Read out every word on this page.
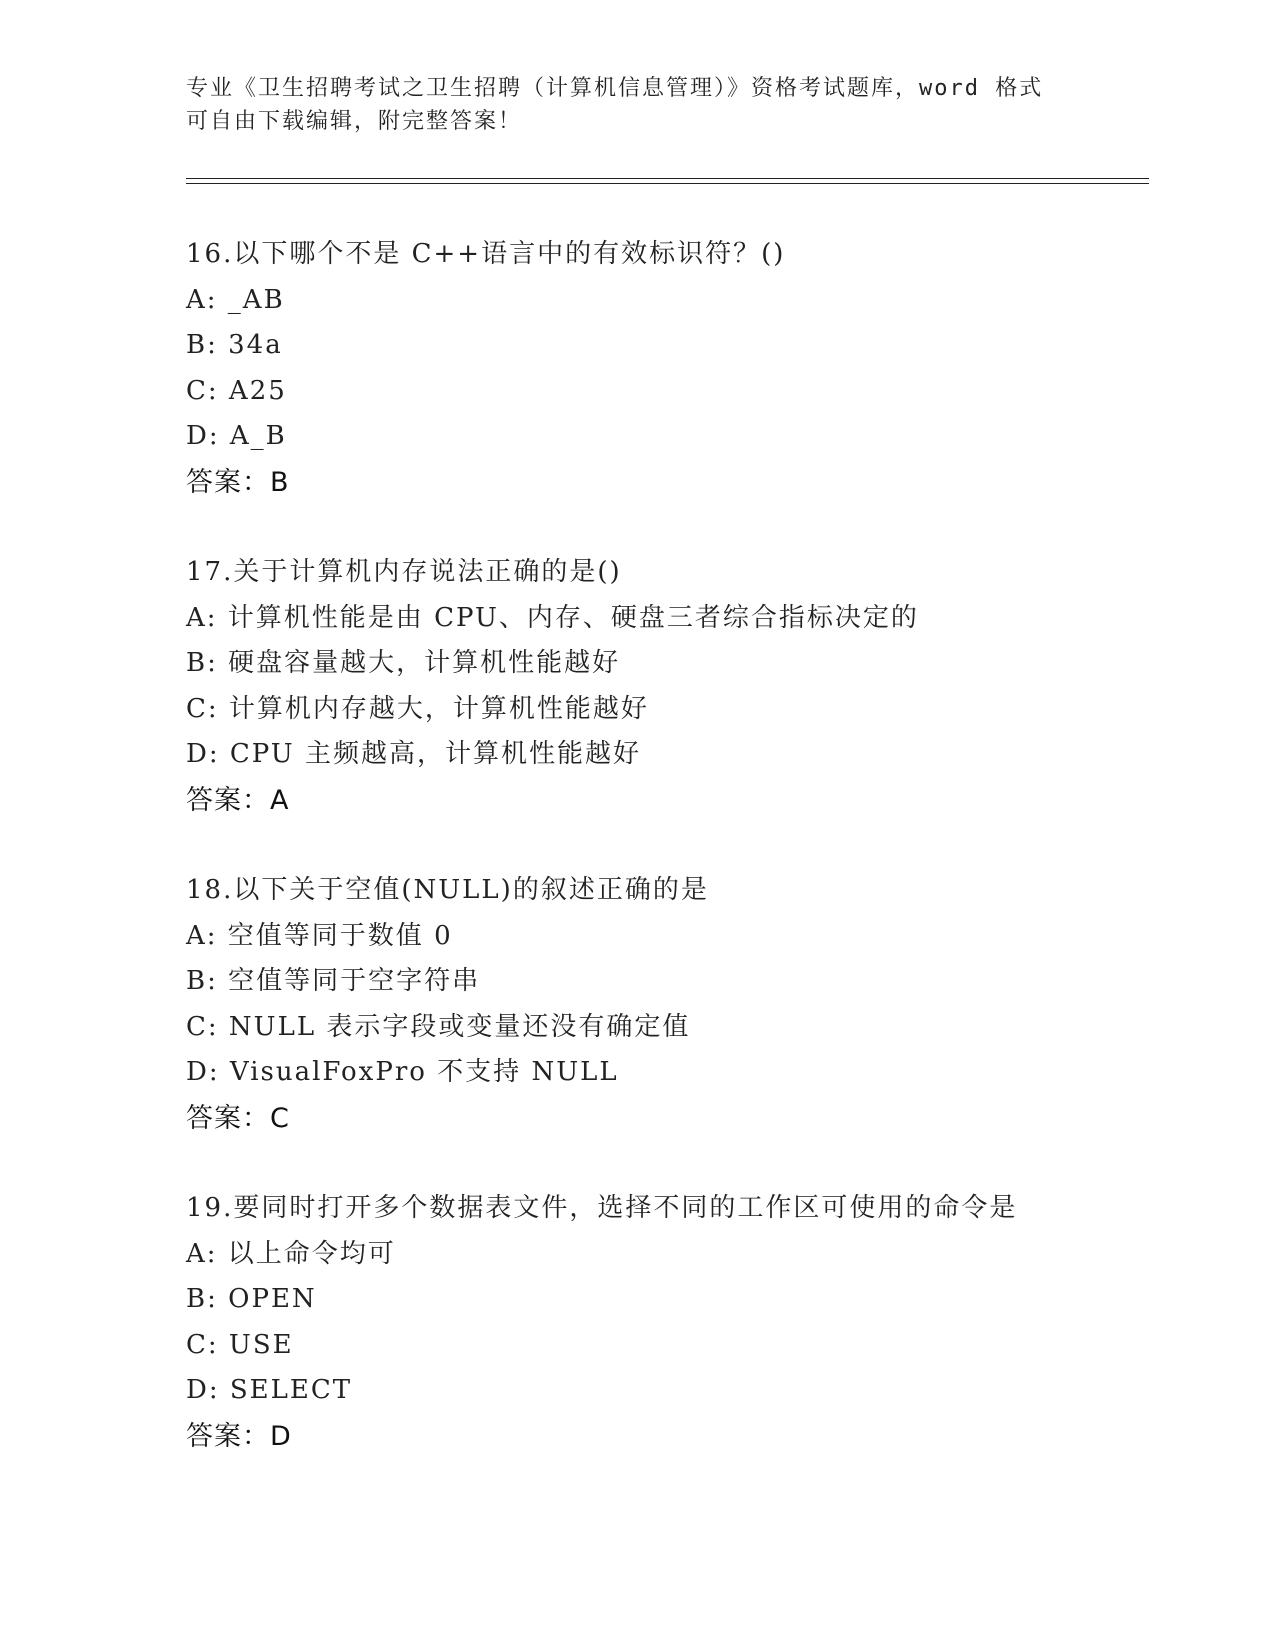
专业《卫生招聘考试之卫生招聘（计算机信息管理）》资格考试题库，word 格式
可自由下载编辑，附完整答案！
16.以下哪个不是 C++语言中的有效标识符？()
A: _AB
B: 34a
C: A25
D: A_B
答案：B
17.关于计算机内存说法正确的是()
A: 计算机性能是由 CPU、内存、硬盘三者综合指标决定的
B: 硬盘容量越大，计算机性能越好
C: 计算机内存越大，计算机性能越好
D: CPU 主频越高，计算机性能越好
答案：A
18.以下关于空值(NULL)的叙述正确的是
A: 空值等同于数值 0
B: 空值等同于空字符串
C: NULL 表示字段或变量还没有确定值
D: VisualFoxPro 不支持 NULL
答案：C
19.要同时打开多个数据表文件，选择不同的工作区可使用的命令是
A: 以上命令均可
B: OPEN
C: USE
D: SELECT
答案：D
